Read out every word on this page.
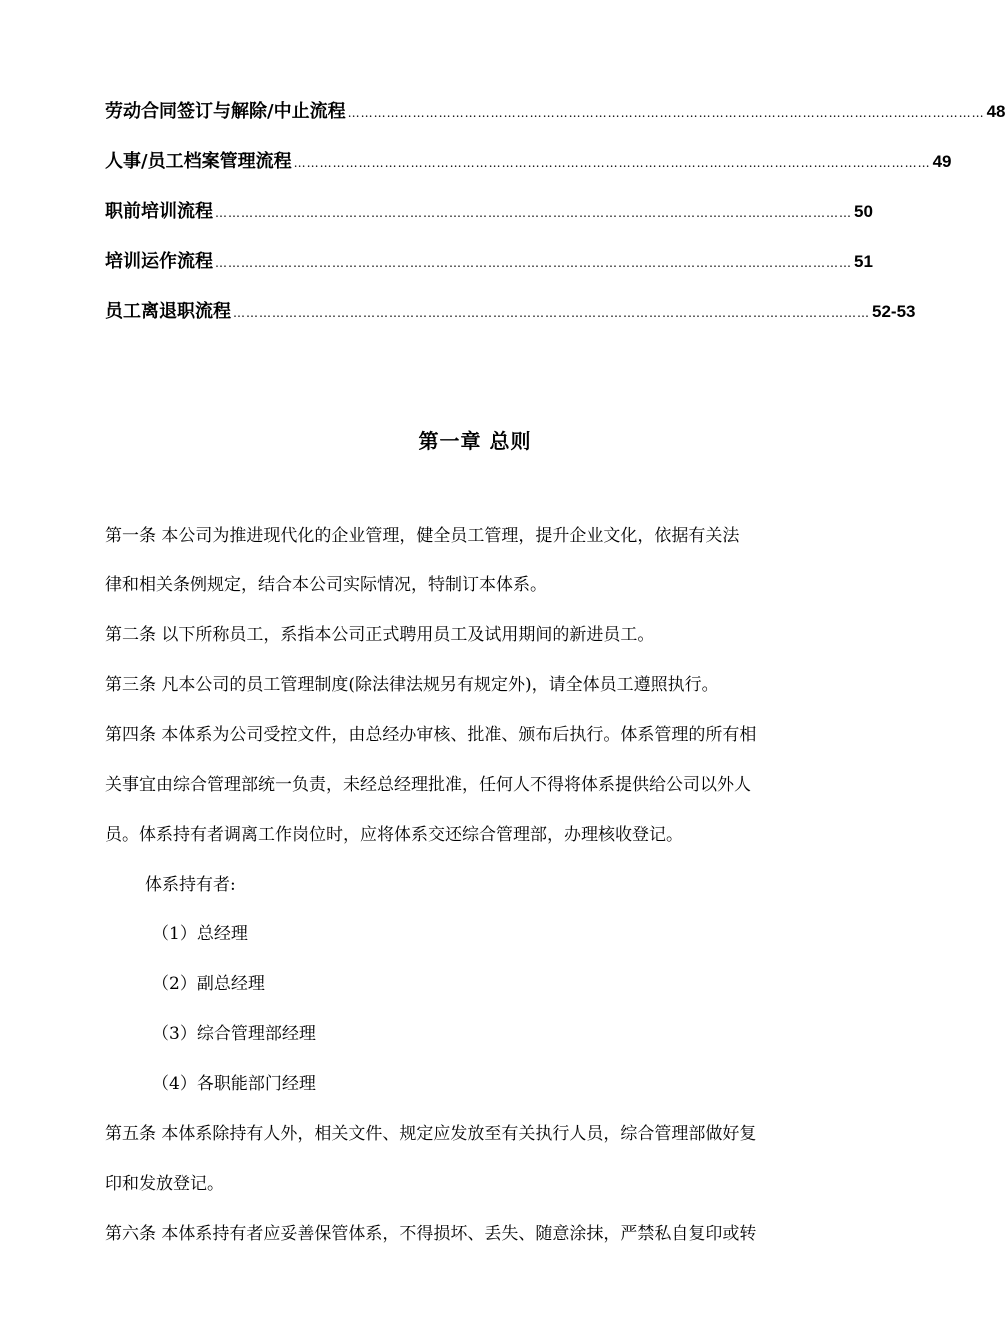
劳动合同签订与解除/中止流程 ………………………………………………………………………………………………………………………………… 48
人事/员工档案管理流程 ………………………………………………………………………………………………………………………………… 49
职前培训流程 ………………………………………………………………………………………………………………………………… 50
培训运作流程 ………………………………………………………………………………………………………………………………… 51
员工离退职流程 ………………………………………………………………………………………………………………………………… 52-53
第一章 总则
第一条 本公司为推进现代化的企业管理，健全员工管理，提升企业文化，依据有关法
律和相关条例规定，结合本公司实际情况，特制订本体系。
第二条 以下所称员工，系指本公司正式聘用员工及试用期间的新进员工。
第三条 凡本公司的员工管理制度(除法律法规另有规定外)，请全体员工遵照执行。
第四条 本体系为公司受控文件，由总经办审核、批准、颁布后执行。体系管理的所有相
关事宜由综合管理部统一负责，未经总经理批准，任何人不得将体系提供给公司以外人
员。体系持有者调离工作岗位时，应将体系交还综合管理部，办理核收登记。
体系持有者:
（1）总经理
（2）副总经理
（3）综合管理部经理
（4）各职能部门经理
第五条 本体系除持有人外，相关文件、规定应发放至有关执行人员，综合管理部做好复
印和发放登记。
第六条 本体系持有者应妥善保管体系，不得损坏、丢失、随意涂抹，严禁私自复印或转
